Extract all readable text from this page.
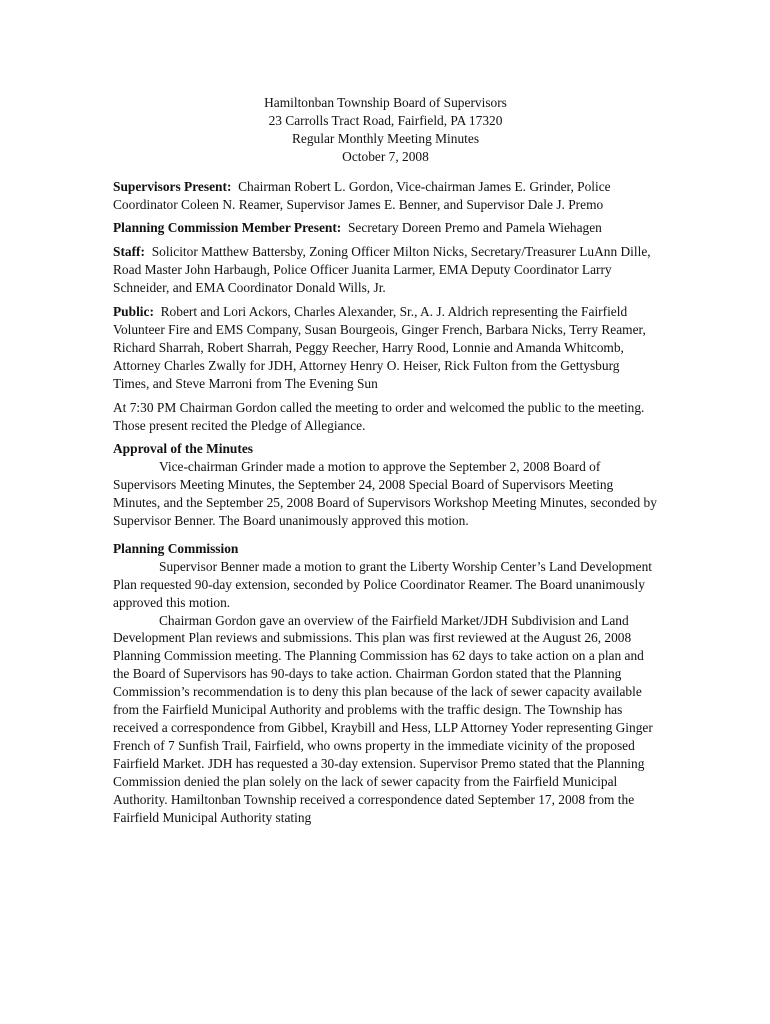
Hamiltonban Township Board of Supervisors
23 Carrolls Tract Road, Fairfield, PA 17320
Regular Monthly Meeting Minutes
October 7, 2008

Supervisors Present: Chairman Robert L. Gordon, Vice-chairman James E. Grinder, Police Coordinator Coleen N. Reamer, Supervisor James E. Benner, and Supervisor Dale J. Premo

Planning Commission Member Present: Secretary Doreen Premo and Pamela Wiehagen

Staff: Solicitor Matthew Battersby, Zoning Officer Milton Nicks, Secretary/Treasurer LuAnn Dille, Road Master John Harbaugh, Police Officer Juanita Larmer, EMA Deputy Coordinator Larry Schneider, and EMA Coordinator Donald Wills, Jr.

Public: Robert and Lori Ackors, Charles Alexander, Sr., A. J. Aldrich representing the Fairfield Volunteer Fire and EMS Company, Susan Bourgeois, Ginger French, Barbara Nicks, Terry Reamer, Richard Sharrah, Robert Sharrah, Peggy Reecher, Harry Rood, Lonnie and Amanda Whitcomb, Attorney Charles Zwally for JDH, Attorney Henry O. Heiser, Rick Fulton from the Gettysburg Times, and Steve Marroni from The Evening Sun

At 7:30 PM Chairman Gordon called the meeting to order and welcomed the public to the meeting. Those present recited the Pledge of Allegiance.

Approval of the Minutes

Vice-chairman Grinder made a motion to approve the September 2, 2008 Board of Supervisors Meeting Minutes, the September 24, 2008 Special Board of Supervisors Meeting Minutes, and the September 25, 2008 Board of Supervisors Workshop Meeting Minutes, seconded by Supervisor Benner. The Board unanimously approved this motion.

Planning Commission

Supervisor Benner made a motion to grant the Liberty Worship Center’s Land Development Plan requested 90-day extension, seconded by Police Coordinator Reamer. The Board unanimously approved this motion.

Chairman Gordon gave an overview of the Fairfield Market/JDH Subdivision and Land Development Plan reviews and submissions. This plan was first reviewed at the August 26, 2008 Planning Commission meeting. The Planning Commission has 62 days to take action on a plan and the Board of Supervisors has 90-days to take action. Chairman Gordon stated that the Planning Commission’s recommendation is to deny this plan because of the lack of sewer capacity available from the Fairfield Municipal Authority and problems with the traffic design. The Township has received a correspondence from Gibbel, Kraybill and Hess, LLP Attorney Yoder representing Ginger French of 7 Sunfish Trail, Fairfield, who owns property in the immediate vicinity of the proposed Fairfield Market. JDH has requested a 30-day extension. Supervisor Premo stated that the Planning Commission denied the plan solely on the lack of sewer capacity from the Fairfield Municipal Authority. Hamiltonban Township received a correspondence dated September 17, 2008 from the Fairfield Municipal Authority stating
